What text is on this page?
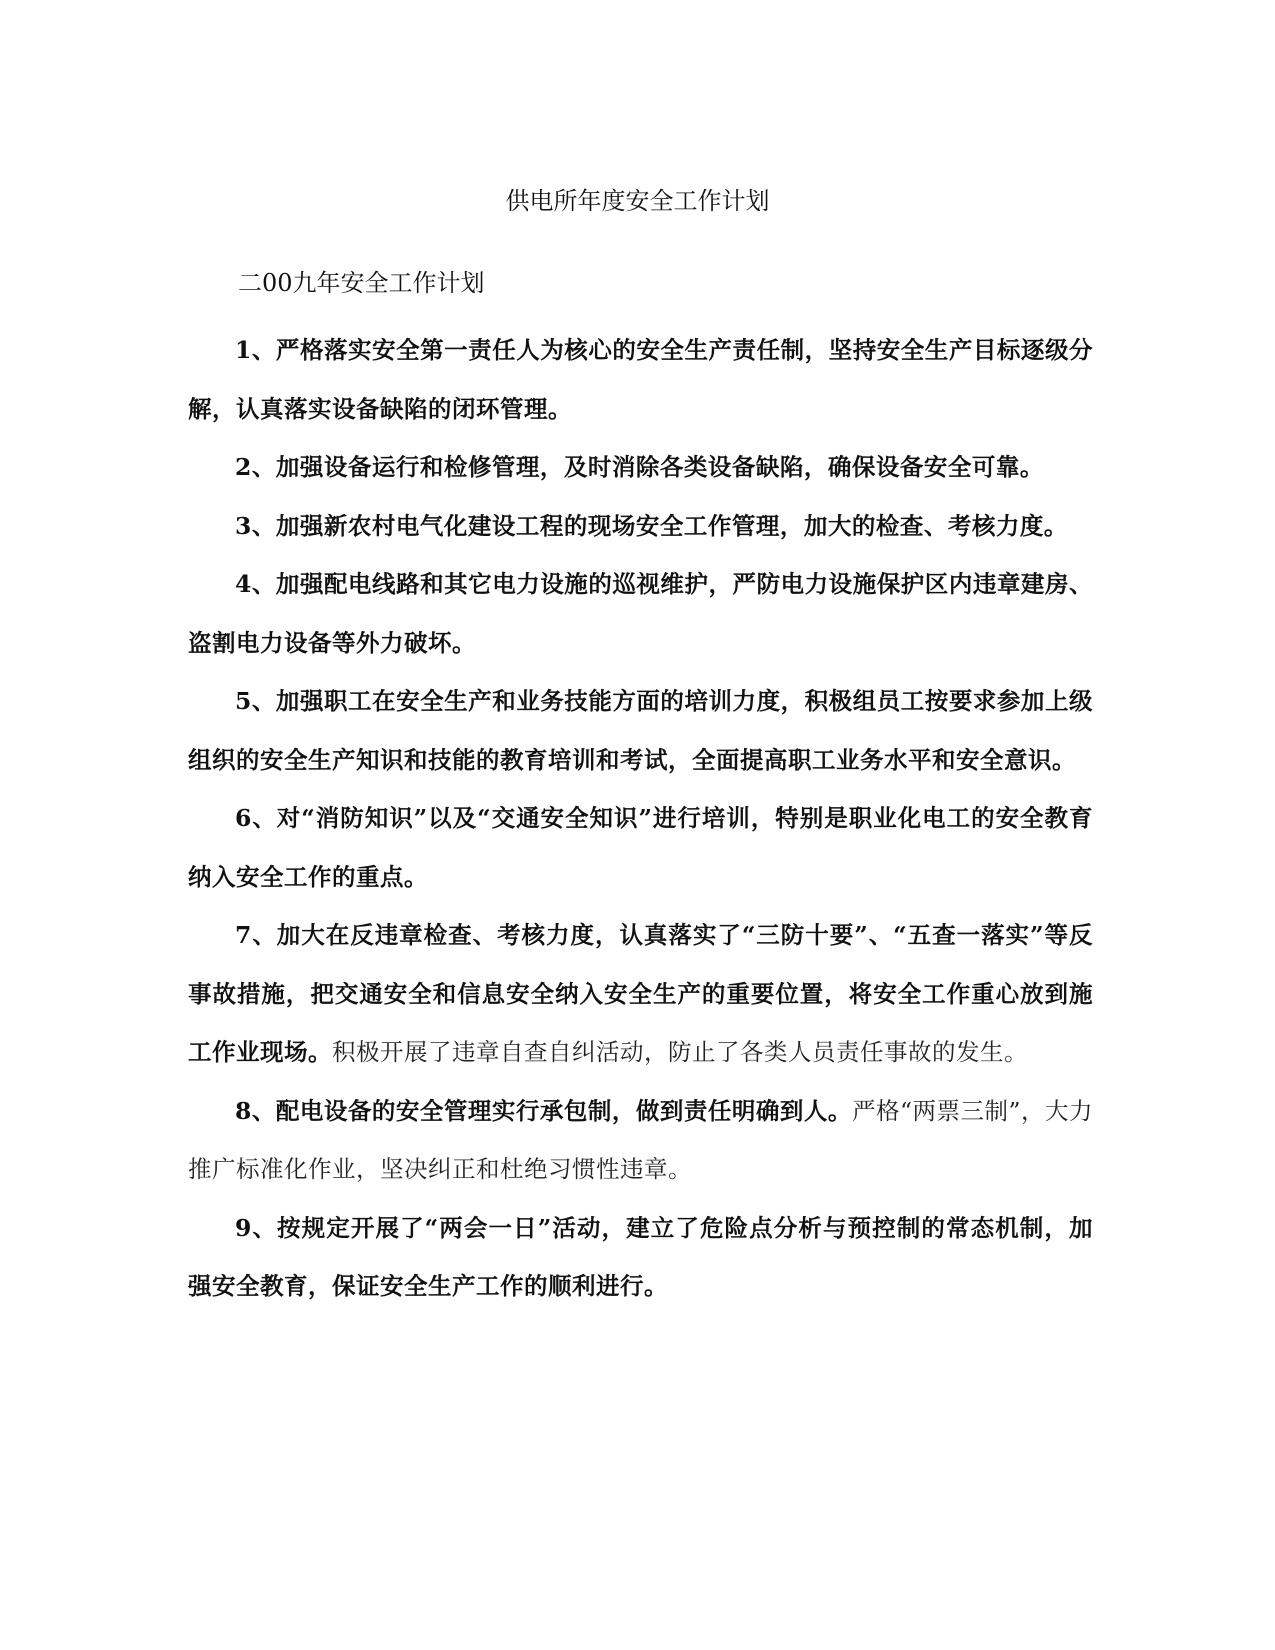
供电所年度安全工作计划

二00九年安全工作计划

1、严格落实安全第一责任人为核心的安全生产责任制，坚持安全生产目标逐级分解，认真落实设备缺陷的闭环管理。

2、加强设备运行和检修管理，及时消除各类设备缺陷，确保设备安全可靠。

3、加强新农村电气化建设工程的现场安全工作管理，加大的检查、考核力度。

4、加强配电线路和其它电力设施的巡视维护，严防电力设施保护区内违章建房、盗割电力设备等外力破坏。

5、加强职工在安全生产和业务技能方面的培训力度，积极组员工按要求参加上级组织的安全生产知识和技能的教育培训和考试，全面提高职工业务水平和安全意识。

6、对“消防知识”以及“交通安全知识”进行培训，特别是职业化电工的安全教育纳入安全工作的重点。

7、加大在反违章检查、考核力度，认真落实了“三防十要”、“五查一落实”等反事故措施，把交通安全和信息安全纳入安全生产的重要位置，将安全工作重心放到施工作业现场。积极开展了违章自查自纠活动，防止了各类人员责任事故的发生。

8、配电设备的安全管理实行承包制，做到责任明确到人。严格“两票三制”，大力推广标准化作业，坚决纠正和杜绝习惯性违章。

9、按规定开展了“两会一日”活动，建立了危险点分析与预控制的常态机制，加强安全教育，保证安全生产工作的顺利进行。
